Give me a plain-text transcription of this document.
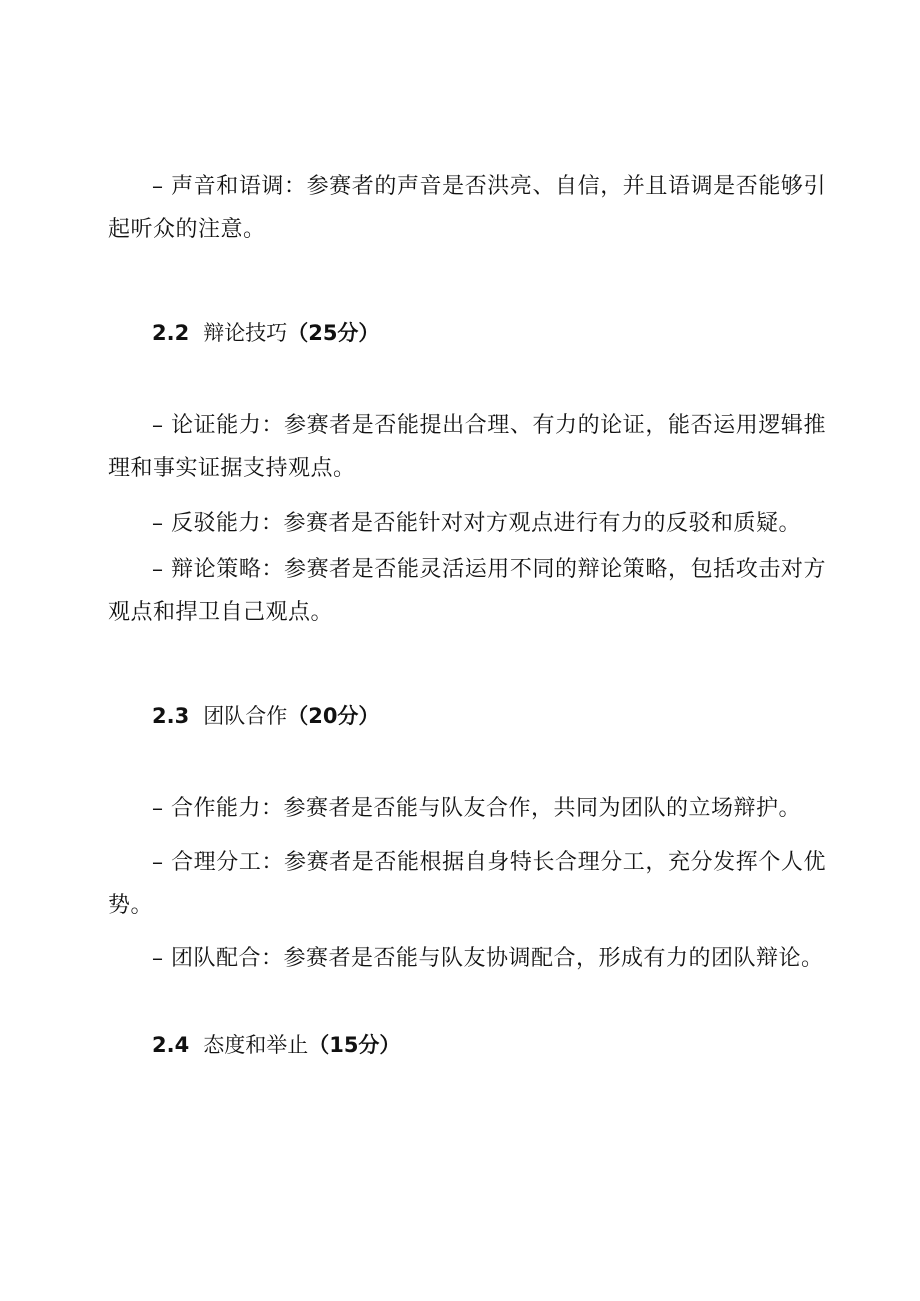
– 声音和语调：参赛者的声音是否洪亮、自信，并且语调是否能够引起听众的注意。

2.2 辩论技巧（25分）

– 论证能力：参赛者是否能提出合理、有力的论证，能否运用逻辑推理和事实证据支持观点。

– 反驳能力：参赛者是否能针对对方观点进行有力的反驳和质疑。

– 辩论策略：参赛者是否能灵活运用不同的辩论策略，包括攻击对方观点和捍卫自己观点。

2.3 团队合作（20分）

– 合作能力：参赛者是否能与队友合作，共同为团队的立场辩护。

– 合理分工：参赛者是否能根据自身特长合理分工，充分发挥个人优势。

– 团队配合：参赛者是否能与队友协调配合，形成有力的团队辩论。

2.4 态度和举止（15分）
